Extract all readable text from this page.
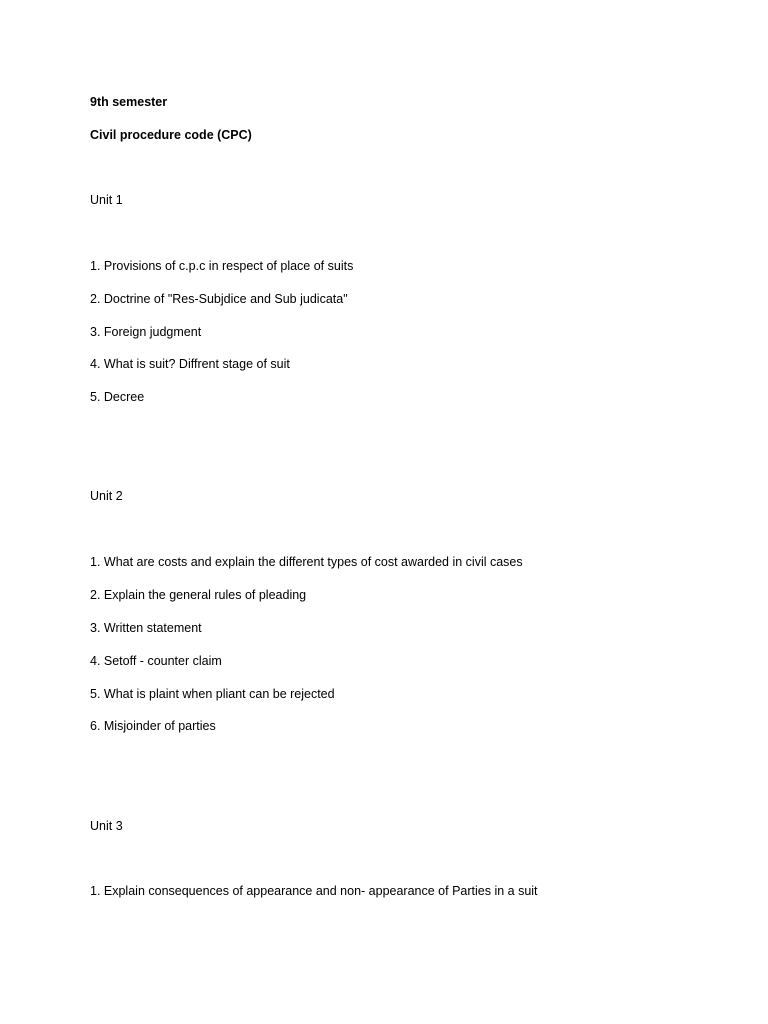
9th semester
Civil procedure code (CPC)
Unit 1
1. Provisions of c.p.c in respect of place of suits
2. Doctrine of "Res-Subjdice and Sub judicata"
3. Foreign judgment
4. What is suit? Diffrent stage of suit
5. Decree
Unit 2
1. What are costs and explain the different types of cost awarded in civil cases
2. Explain the general rules of pleading
3. Written statement
4. Setoff - counter claim
5. What is plaint when pliant can be rejected
6. Misjoinder of parties
Unit 3
1. Explain consequences of appearance and non- appearance of Parties in a suit
